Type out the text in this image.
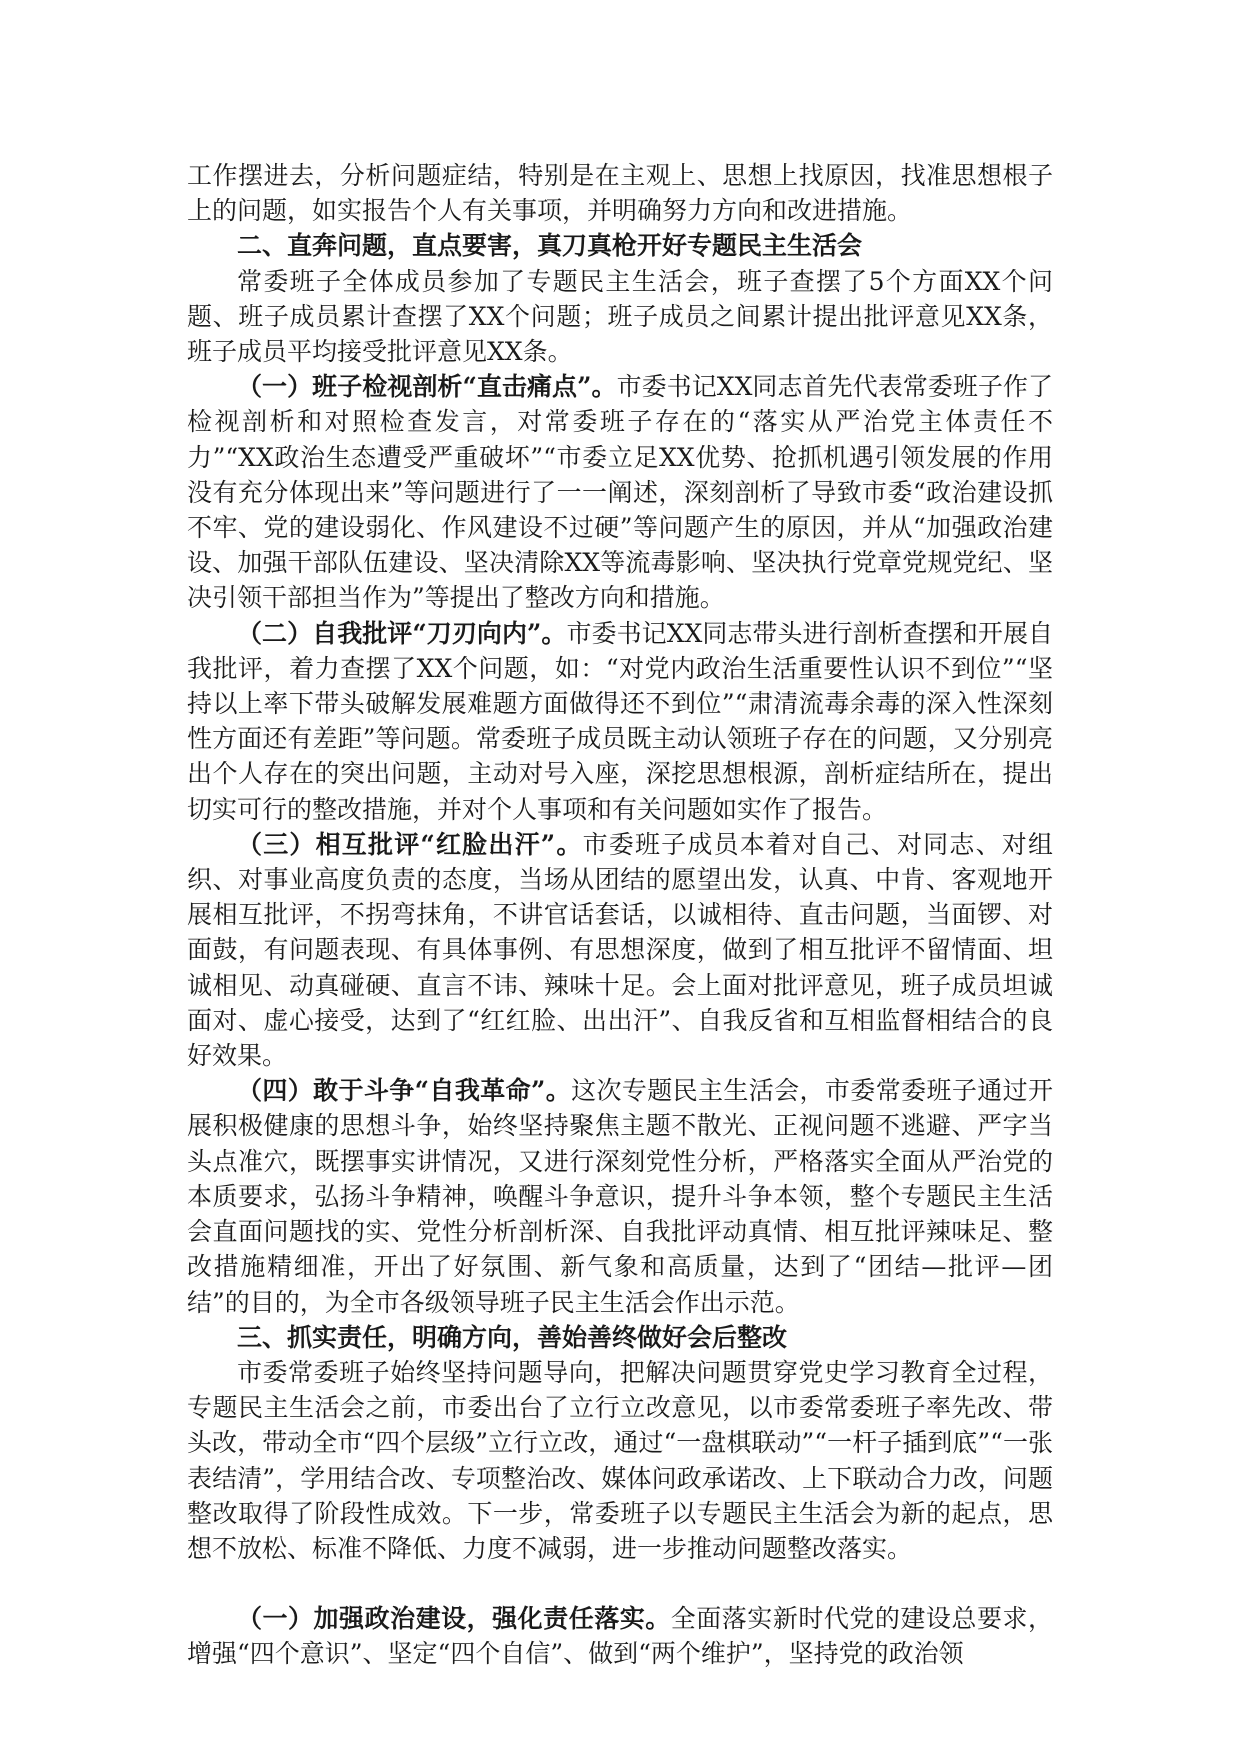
工作摆进去，分析问题症结，特别是在主观上、思想上找原因，找准思想根子上的问题，如实报告个人有关事项，并明确努力方向和改进措施。

二、直奔问题，直点要害，真刀真枪开好专题民主生活会

常委班子全体成员参加了专题民主生活会，班子查摆了5个方面XX个问题、班子成员累计查摆了XX个问题；班子成员之间累计提出批评意见XX条，班子成员平均接受批评意见XX条。

（一）班子检视剖析“直击痛点”。市委书记XX同志首先代表常委班子作了检视剖析和对照检查发言，对常委班子存在的“落实从严治党主体责任不力”“XX政治生态遭受严重破坏”“市委立足XX优势、抢抓机遇引领发展的作用没有充分体现出来”等问题进行了一一阐述，深刻剖析了导致市委“政治建设抓不牢、党的建设弱化、作风建设不过硬”等问题产生的原因，并从“加强政治建设、加强干部队伍建设、坚决清除XX等流毒影响、坚决执行党章党规党纪、坚决引领干部担当作为”等提出了整改方向和措施。

（二）自我批评“刀刃向内”。市委书记XX同志带头进行剖析查摆和开展自我批评，着力查摆了XX个问题，如：“对党内政治生活重要性认识不到位”“坚持以上率下带头破解发展难题方面做得还不到位”“肃清流毒余毒的深入性深刻性方面还有差距”等问题。常委班子成员既主动认领班子存在的问题，又分别亮出个人存在的突出问题，主动对号入座，深挖思想根源，剖析症结所在，提出切实可行的整改措施，并对个人事项和有关问题如实作了报告。

（三）相互批评“红脸出汗”。市委班子成员本着对自己、对同志、对组织、对事业高度负责的态度，当场从团结的愿望出发，认真、中肯、客观地开展相互批评，不拐弯抹角，不讲官话套话，以诚相待、直击问题，当面锣、对面鼓，有问题表现、有具体事例、有思想深度，做到了相互批评不留情面、坦诚相见、动真碰硬、直言不讳、辣味十足。会上面对批评意见，班子成员坦诚面对、虚心接受，达到了“红红脸、出出汗”、自我反省和互相监督相结合的良好效果。

（四）敢于斗争“自我革命”。这次专题民主生活会，市委常委班子通过开展积极健康的思想斗争，始终坚持聚焦主题不散光、正视问题不逃避、严字当头点准穴，既摆事实讲情况，又进行深刻党性分析，严格落实全面从严治党的本质要求，弘扬斗争精神，唤醒斗争意识，提升斗争本领，整个专题民主生活会直面问题找的实、党性分析剖析深、自我批评动真情、相互批评辣味足、整改措施精细准，开出了好氛围、新气象和高质量，达到了“团结—批评—团结”的目的，为全市各级领导班子民主生活会作出示范。

三、抓实责任，明确方向，善始善终做好会后整改

市委常委班子始终坚持问题导向，把解决问题贯穿党史学习教育全过程，专题民主生活会之前，市委出台了立行立改意见，以市委常委班子率先改、带头改，带动全市“四个层级”立行立改，通过“一盘棋联动”“一杆子插到底”“一张表结清”，学用结合改、专项整治改、媒体问政承诺改、上下联动合力改，问题整改取得了阶段性成效。下一步，常委班子以专题民主生活会为新的起点，思想不放松、标准不降低、力度不减弱，进一步推动问题整改落实。

（一）加强政治建设，强化责任落实。全面落实新时代党的建设总要求，增强“四个意识”、坚定“四个自信”、做到“两个维护”，坚持党的政治领
